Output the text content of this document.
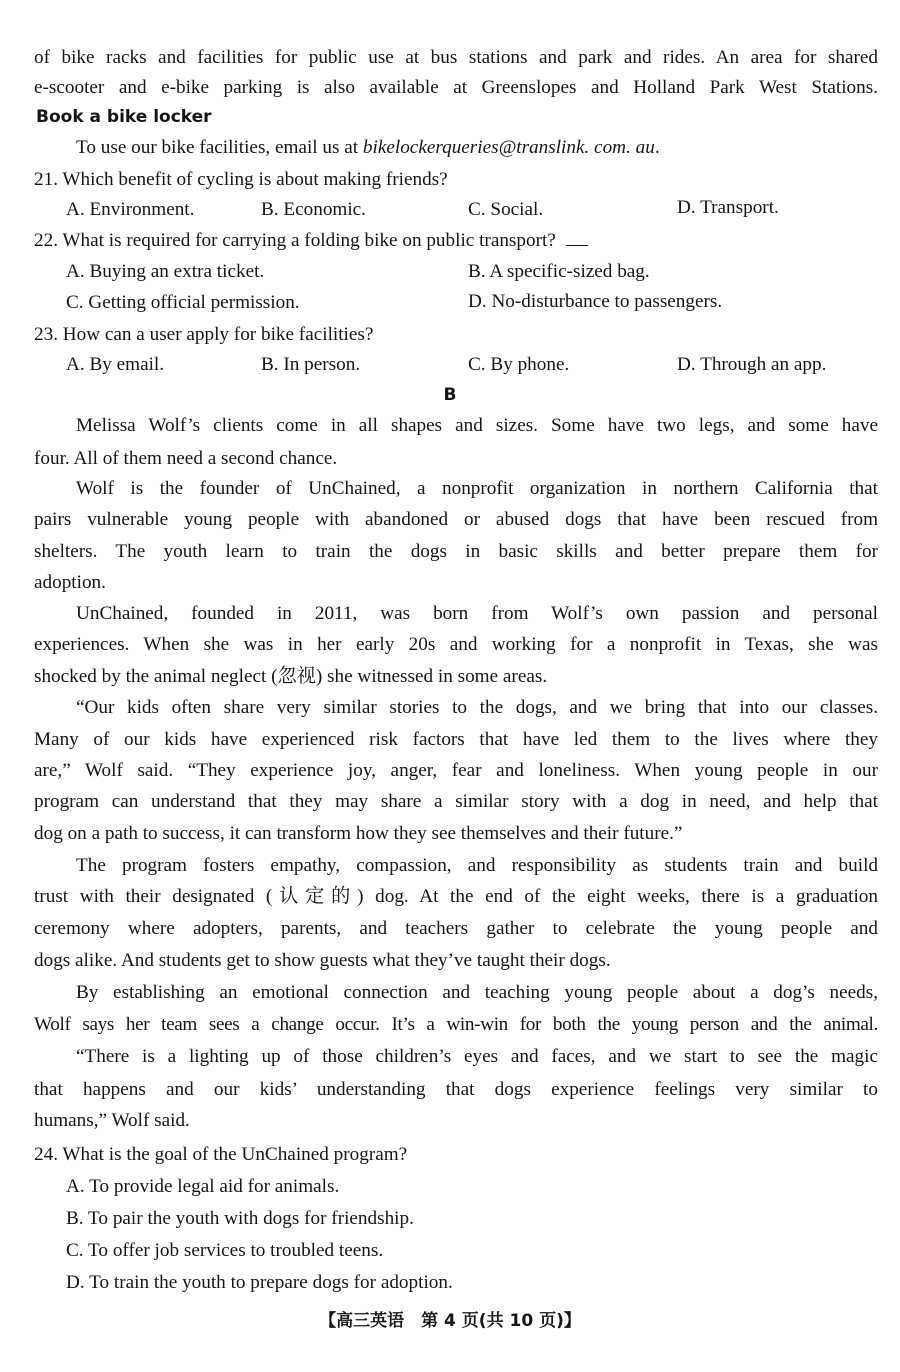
of bike racks and facilities for public use at bus stations and park and rides. An area for shared
e-scooter and e-bike parking is also available at Greenslopes and Holland Park West Stations.
Book a bike locker
To use our bike facilities, email us at bikelockerqueries@translink. com. au.
21. Which benefit of cycling is about making friends?
A. Environment.	B. Economic.	C. Social.	D. Transport.
22. What is required for carrying a folding bike on public transport?
A. Buying an extra ticket.	B. A specific-sized bag.
C. Getting official permission.	D. No-disturbance to passengers.
23. How can a user apply for bike facilities?
A. By email.	B. In person.	C. By phone.	D. Through an app.
B
Melissa Wolf’s clients come in all shapes and sizes. Some have two legs, and some have
four. All of them need a second chance.
Wolf is the founder of UnChained, a nonprofit organization in northern California that
pairs vulnerable young people with abandoned or abused dogs that have been rescued from
shelters. The youth learn to train the dogs in basic skills and better prepare them for
adoption.
UnChained, founded in 2011, was born from Wolf’s own passion and personal
experiences. When she was in her early 20s and working for a nonprofit in Texas, she was
shocked by the animal neglect (忽视) she witnessed in some areas.
“Our kids often share very similar stories to the dogs, and we bring that into our classes.
Many of our kids have experienced risk factors that have led them to the lives where they
are,” Wolf said. “They experience joy, anger, fear and loneliness. When young people in our
program can understand that they may share a similar story with a dog in need, and help that
dog on a path to success, it can transform how they see themselves and their future.”
The program fosters empathy, compassion, and responsibility as students train and build
trust with their designated (认定的) dog. At the end of the eight weeks, there is a graduation
ceremony where adopters, parents, and teachers gather to celebrate the young people and
dogs alike. And students get to show guests what they’ve taught their dogs.
By establishing an emotional connection and teaching young people about a dog’s needs,
Wolf says her team sees a change occur. It’s a win-win for both the young person and the animal.
“There is a lighting up of those children’s eyes and faces, and we start to see the magic
that happens and our kids’ understanding that dogs experience feelings very similar to
humans,” Wolf said.
24. What is the goal of the UnChained program?
A. To provide legal aid for animals.
B. To pair the youth with dogs for friendship.
C. To offer job services to troubled teens.
D. To train the youth to prepare dogs for adoption.
【高三英语　第 4 页(共 10 页)】
